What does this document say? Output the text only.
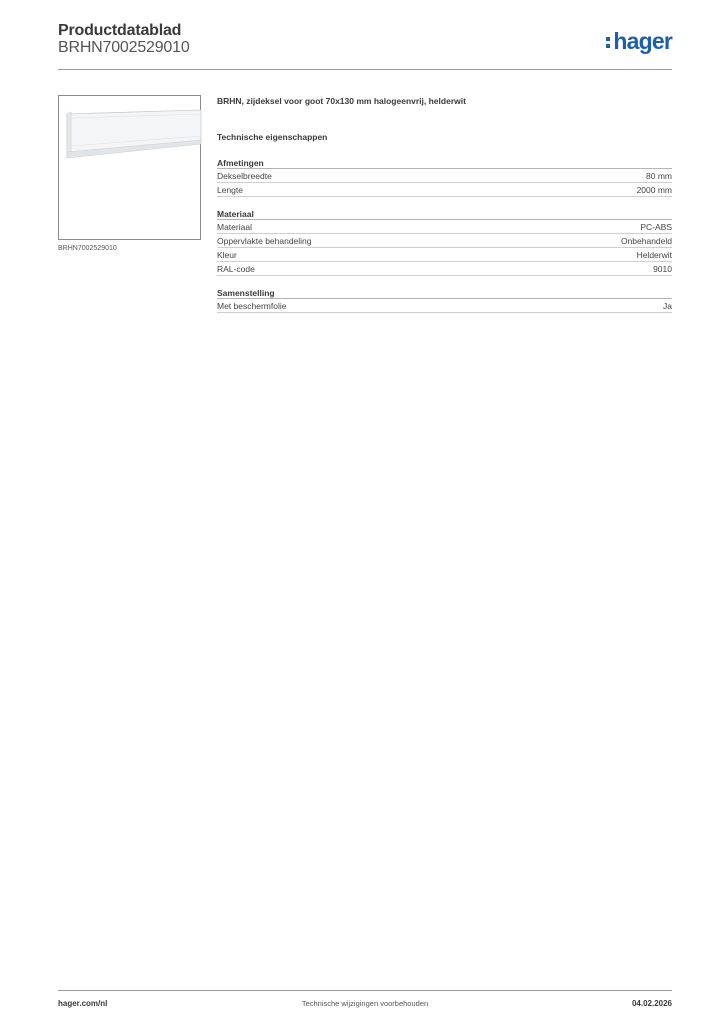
Productdatablad
BRHN7002529010	hager
BRHN7002529010
BRHN, zijdeksel voor goot 70x130 mm halogeenvrij, helderwit
Technische eigenschappen
Afmetingen
Dekselbreedte	80 mm
Lengte	2000 mm
Materiaal
Materiaal	PC-ABS
Oppervlakte behandeling	Onbehandeld
Kleur	Helderwit
RAL-code	9010
Samenstelling
Met beschermfolie	Ja
hager.com/nl	Technische wijzigingen voorbehouden	04.02.2026
